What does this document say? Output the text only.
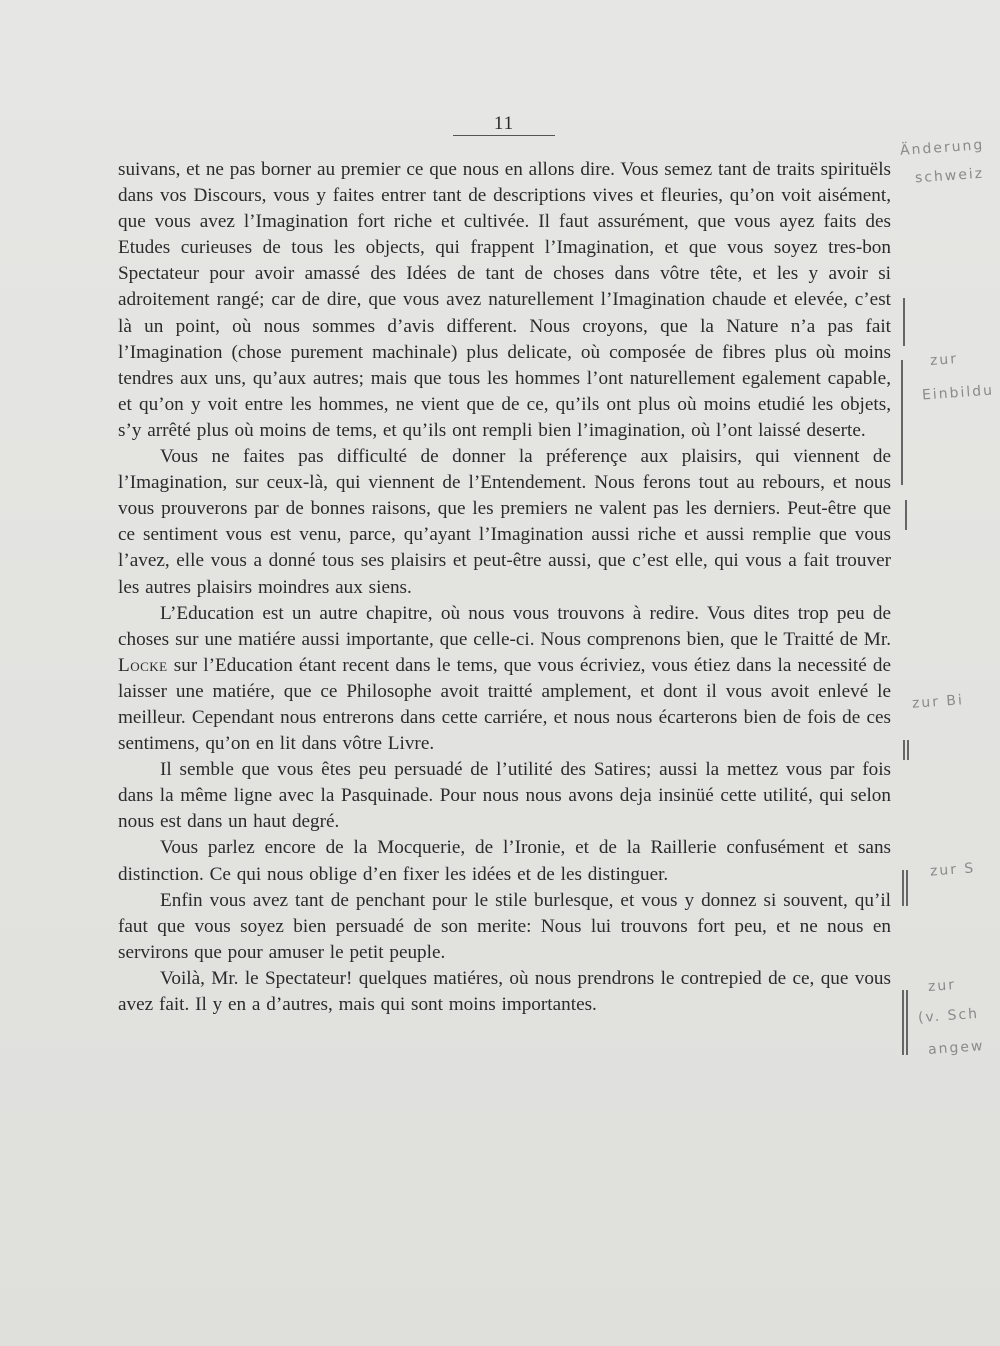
11

suivans, et ne pas borner au premier ce que nous en allons dire. Vous semez tant de traits spirituëls dans vos Discours, vous y faites entrer tant de descriptions vives et fleuries, qu’on voit aisément, que vous avez l’Imagination fort riche et cultivée. Il faut assurément, que vous ayez faits des Etudes curieuses de tous les objects, qui frappent l’Imagination, et que vous soyez tres-bon Spectateur pour avoir amassé des Idées de tant de choses dans vôtre tête, et les y avoir si adroitement rangé; car de dire, que vous avez naturellement l’Imagination chaude et elevée, c’est là un point, où nous sommes d’avis different. Nous croyons, que la Nature n’a pas fait l’Imagination (chose purement machinale) plus delicate, où composée de fibres plus où moins tendres aux uns, qu’aux autres; mais que tous les hommes l’ont naturellement egalement capable, et qu’on y voit entre les hommes, ne vient que de ce, qu’ils ont plus où moins etudié les objets, s’y arrêté plus où moins de tems, et qu’ils ont rempli bien l’imagination, où l’ont laissé deserte.

Vous ne faites pas difficulté de donner la préferençe aux plaisirs, qui viennent de l’Imagination, sur ceux-là, qui viennent de l’Entendement. Nous ferons tout au rebours, et nous vous prouverons par de bonnes raisons, que les premiers ne valent pas les derniers. Peut-être que ce sentiment vous est venu, parce, qu’ayant l’Imagination aussi riche et aussi remplie que vous l’avez, elle vous a donné tous ses plaisirs et peut-être aussi, que c’est elle, qui vous a fait trouver les autres plaisirs moindres aux siens.

L’Education est un autre chapitre, où nous vous trouvons à redire. Vous dites trop peu de choses sur une matiére aussi importante, que celle-ci. Nous comprenons bien, que le Traitté de Mr. Locke sur l’Education étant recent dans le tems, que vous écriviez, vous étiez dans la necessité de laisser une matiére, que ce Philosophe avoit traitté amplement, et dont il vous avoit enlevé le meilleur. Cependant nous entrerons dans cette carriére, et nous nous écarterons bien de fois de ces sentimens, qu’on en lit dans vôtre Livre.

Il semble que vous êtes peu persuadé de l’utilité des Satires; aussi la mettez vous par fois dans la même ligne avec la Pasquinade. Pour nous nous avons deja insinüé cette utilité, qui selon nous est dans un haut degré.

Vous parlez encore de la Mocquerie, de l’Ironie, et de la Raillerie confusément et sans distinction. Ce qui nous oblige d’en fixer les idées et de les distinguer.

Enfin vous avez tant de penchant pour le stile burlesque, et vous y donnez si souvent, qu’il faut que vous soyez bien persuadé de son merite: Nous lui trouvons fort peu, et ne nous en servirons que pour amuser le petit peuple.

Voilà, Mr. le Spectateur! quelques matiéres, où nous prendrons le contrepied de ce, que vous avez fait. Il y en a d’autres, mais qui sont moins importantes.

Änderung
schweiz
zur
Einbildu
zur Bi
zur S
zur
(v. Sch
angew
